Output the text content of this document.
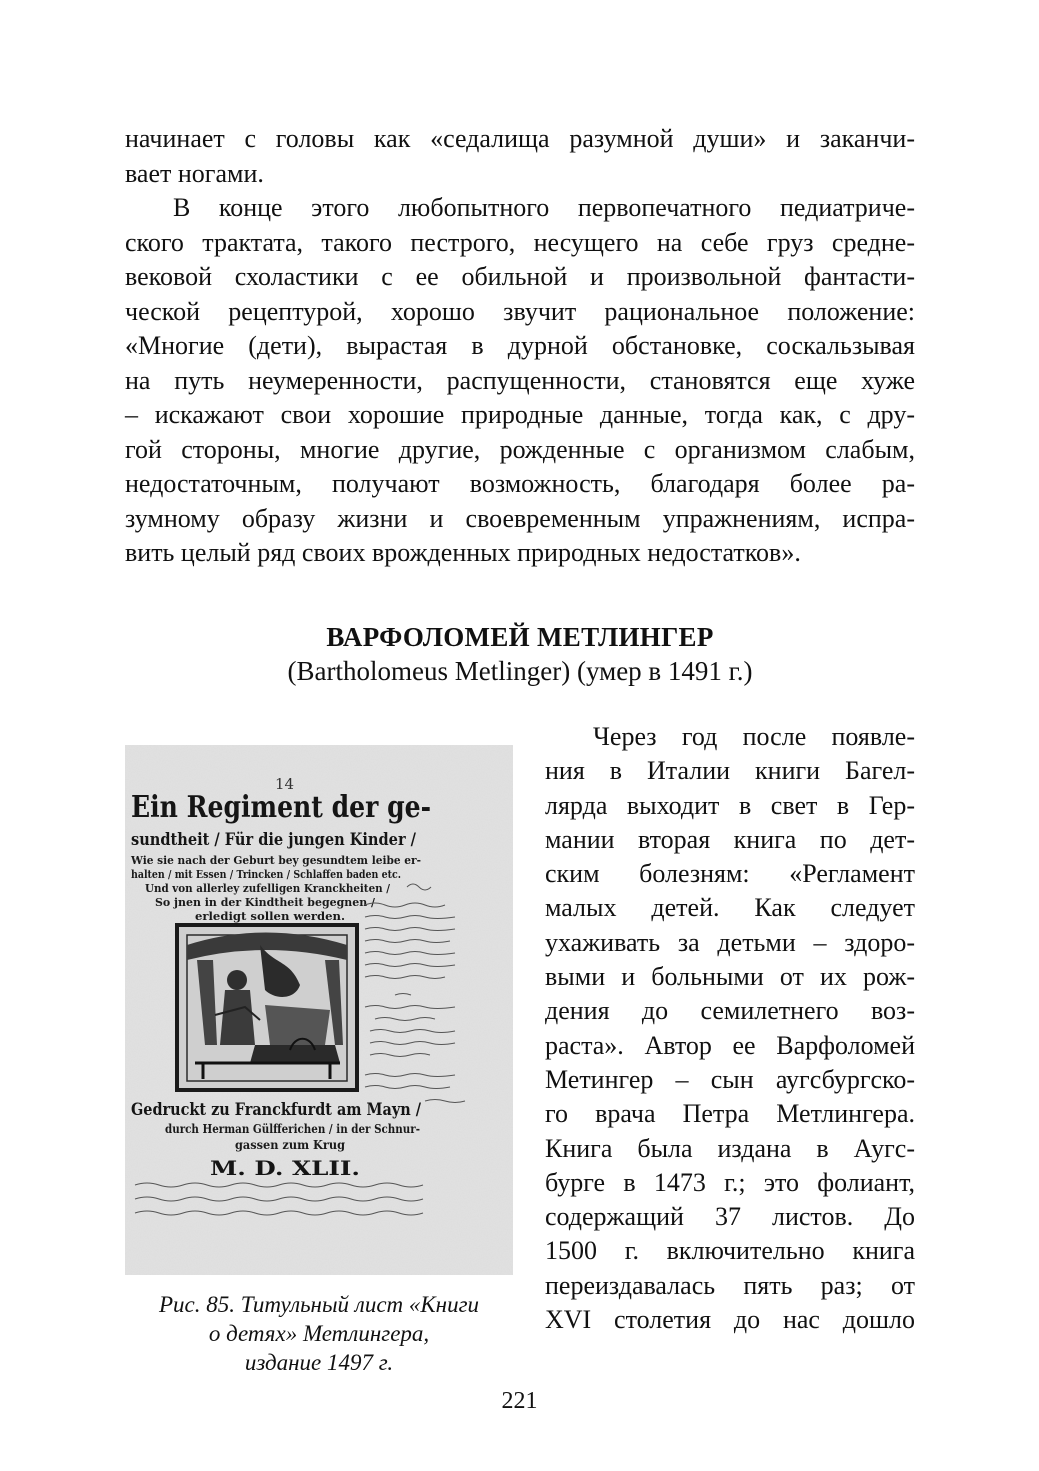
начинает с головы как «седалища разумной души» и заканчи-
вает ногами.
В конце этого любопытного первопечатного педиатриче-
ского трактата, такого пестрого, несущего на себе груз средне-
вековой схоластики с ее обильной и произвольной фантасти-
ческой рецептурой, хорошо звучит рациональное положение:
«Многие (дети), вырастая в дурной обстановке, соскальзывая
на путь неумеренности, распущенности, становятся еще хуже
– искажают свои хорошие природные данные, тогда как, с дру-
гой стороны, многие другие, рожденные с организмом слабым,
недостаточным, получают возможность, благодаря более ра-
зумному образу жизни и своевременным упражнениям, испра-
вить целый ряд своих врожденных природных недостатков».
ВАРФОЛОМЕЙ МЕТЛИНГЕР
(Bartholomeus Metlinger) (умер в 1491 г.)
14
Ein Regiment der ge-
sundtheit / Für die jungen Kinder /
Wie sie nach der Geburt bey gesundtem leibe er-
halten / mit Essen / Trincken / Schlaffen baden etc.
Und von allerley zufelligen Kranckheiten /
So jnen in der Kindtheit begegnen /
erledigt sollen werden.
Gedruckt zu Franckfurdt am Mayn /
durch Herman Gülfferichen / in der Schnur-
gassen zum Krug
M. D. XLII.
Рис. 85. Титульный лист «Книги
о детях» Метлингера,
издание 1497 г.
Через год после появле-
ния в Италии книги Багел-
лярда выходит в свет в Гер-
мании вторая книга по дет-
ским болезням: «Регламент
малых детей. Как следует
ухаживать за детьми – здоро-
выми и больными от их рож-
дения до семилетнего воз-
раста». Автор ее Варфоломей
Метингер – сын аугсбургско-
го врача Петра Метлингера.
Книга была издана в Аугс-
бурге в 1473 г.; это фолиант,
содержащий 37 листов. До
1500 г. включительно книга
переиздавалась пять раз; от
XVI столетия до нас дошло
221
